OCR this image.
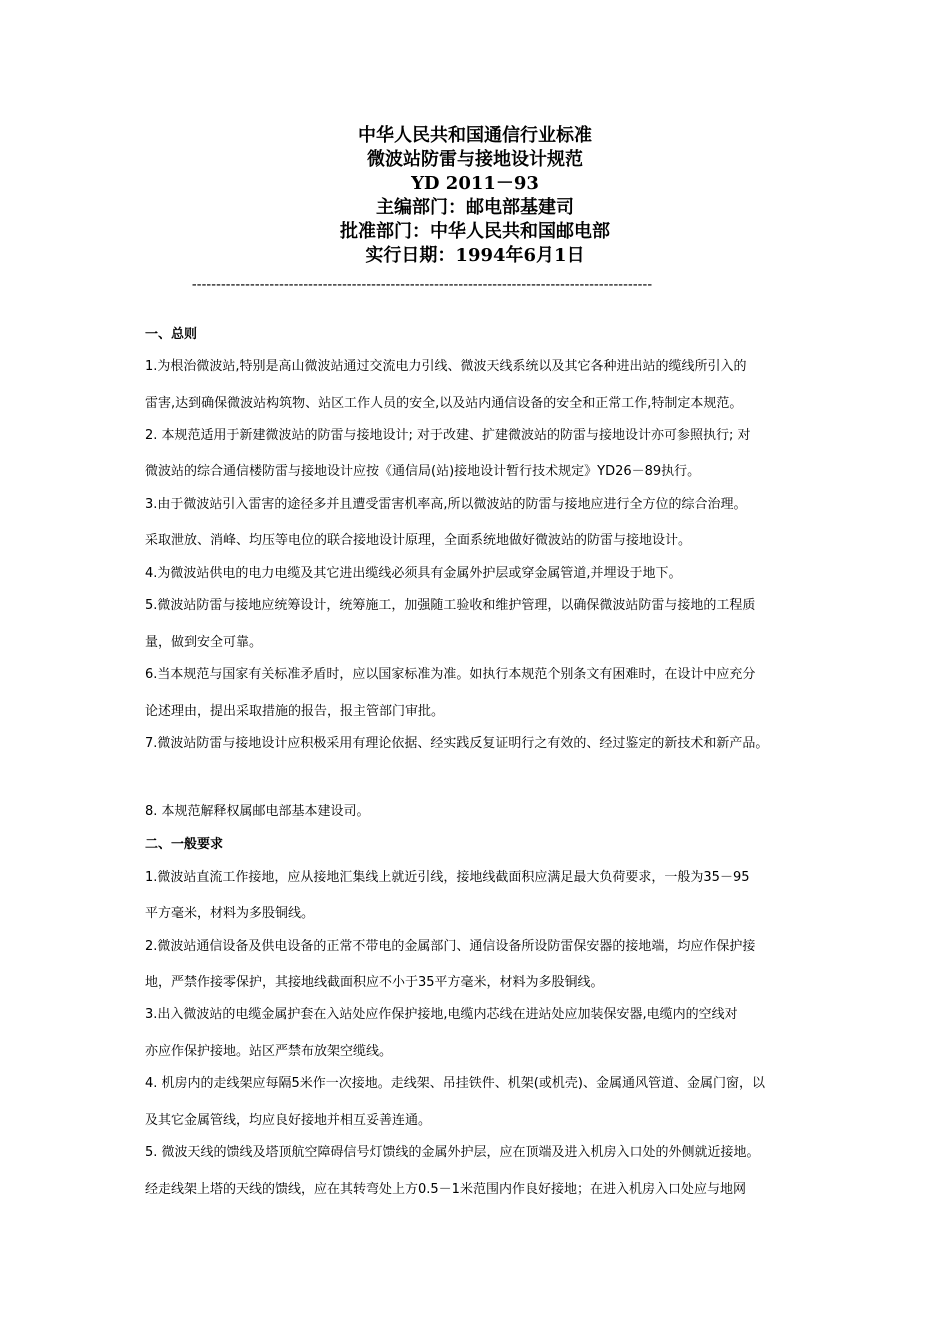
中华人民共和国通信行业标准
微波站防雷与接地设计规范
YD 2011－93
主编部门：邮电部基建司
批准部门：中华人民共和国邮电部
实行日期：1994年6月1日
-----------------------------------------------------------------------------------------------
一、总则
1.为根治微波站,特别是高山微波站通过交流电力引线、微波天线系统以及其它各种进出站的缆线所引入的
雷害,达到确保微波站构筑物、站区工作人员的安全,以及站内通信设备的安全和正常工作,特制定本规范。
2. 本规范适用于新建微波站的防雷与接地设计; 对于改建、扩建微波站的防雷与接地设计亦可参照执行; 对
微波站的综合通信楼防雷与接地设计应按《通信局(站)接地设计暂行技术规定》YD26－89执行。
3.由于微波站引入雷害的途径多并且遭受雷害机率高,所以微波站的防雷与接地应进行全方位的综合治理。
采取泄放、消峰、均压等电位的联合接地设计原理，全面系统地做好微波站的防雷与接地设计。
4.为微波站供电的电力电缆及其它进出缆线必须具有金属外护层或穿金属管道,并埋设于地下。
5.微波站防雷与接地应统筹设计，统筹施工，加强随工验收和维护管理，以确保微波站防雷与接地的工程质
量，做到安全可靠。
6.当本规范与国家有关标准矛盾时，应以国家标准为准。如执行本规范个别条文有困难时，在设计中应充分
论述理由，提出采取措施的报告，报主管部门审批。
7.微波站防雷与接地设计应积极采用有理论依据、经实践反复证明行之有效的、经过鉴定的新技术和新产品。
8. 本规范解释权属邮电部基本建设司。
二、一般要求
1.微波站直流工作接地，应从接地汇集线上就近引线，接地线截面积应满足最大负荷要求，一般为35－95
平方毫米，材料为多股铜线。
2.微波站通信设备及供电设备的正常不带电的金属部门、通信设备所设防雷保安器的接地端，均应作保护接
地，严禁作接零保护，其接地线截面积应不小于35平方毫米，材料为多股铜线。
3.出入微波站的电缆金属护套在入站处应作保护接地,电缆内芯线在进站处应加装保安器,电缆内的空线对
亦应作保护接地。站区严禁布放架空缆线。
4. 机房内的走线架应每隔5米作一次接地。走线架、吊挂铁件、机架(或机壳)、金属通风管道、金属门窗，以
及其它金属管线，均应良好接地并相互妥善连通。
5. 微波天线的馈线及塔顶航空障碍信号灯馈线的金属外护层，应在顶端及进入机房入口处的外侧就近接地。
经走线架上塔的天线的馈线，应在其转弯处上方0.5－1米范围内作良好接地；在进入机房入口处应与地网
